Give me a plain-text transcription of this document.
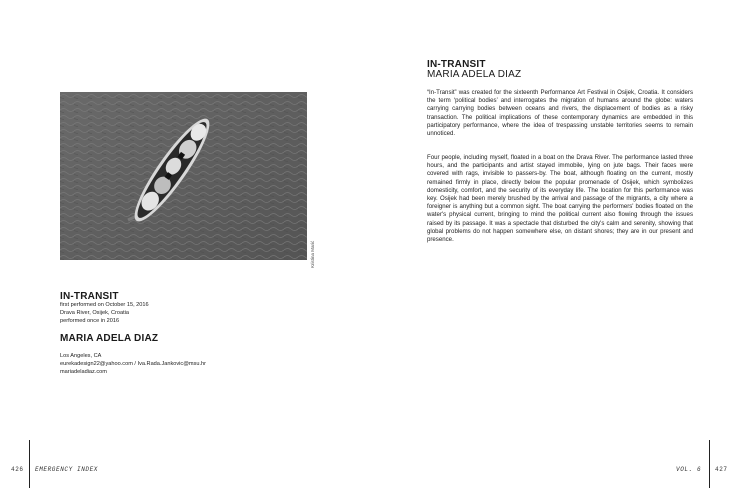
Kristina Marić
IN-TRANSIT
first performed on October 15, 2016
Drava River, Osijek, Croatia
performed once in 2016
MARIA ADELA DIAZ
Los Angeles, CA
eurekadesign22@yahoo.com / Iva.Rada.Jankovic@msu.hr
mariadeladiaz.com
IN-TRANSIT
MARIA ADELA DIAZ

“In-Transit” was created for the sixteenth Performance Art Festival in Osijek, Croatia. It considers the term ‘political bodies’ and interrogates the migration of humans around the globe: waters carrying carrying bodies between oceans and rivers, the displacement of bodies as a risky transaction. The political implications of these contemporary dynamics are embedded in this participatory performance, where the idea of trespassing unstable territories seems to remain unnoticed.

Four people, including myself, floated in a boat on the Drava River. The performance lasted three hours, and the participants and artist stayed immobile, lying on jute bags. Their faces were covered with rags, invisible to passers-by. The boat, although floating on the current, mostly remained firmly in place, directly below the popular promenade of Osijek, which symbolizes domesticity, comfort, and the security of its everyday life. The location for this performance was key. Osijek had been merely brushed by the arrival and passage of the migrants, a city where a foreigner is anything but a common sight. The boat carrying the performers' bodies floated on the water's physical current, bringing to mind the political current also flowing through the issues raised by its passage. It was a spectacle that disturbed the city's calm and serenity, showing that global problems do not happen somewhere else, on distant shores; they are in our present and presence.

426 EMERGENCY INDEX	VOL. 6 427
